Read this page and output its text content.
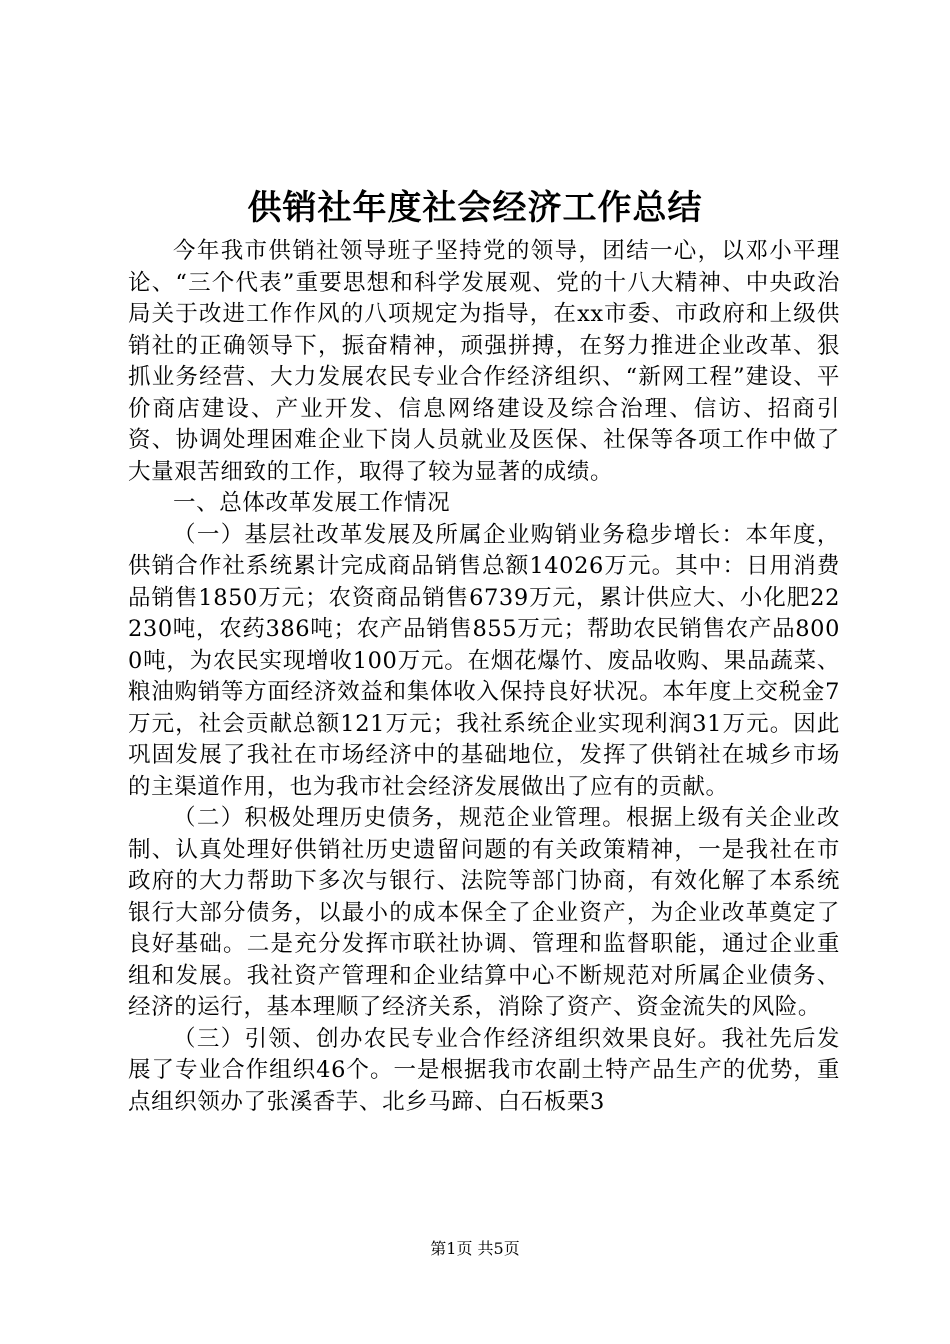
供销社年度社会经济工作总结

今年我市供销社领导班子坚持党的领导，团结一心，以邓小平理论、“三个代表”重要思想和科学发展观、党的十八大精神、中央政治局关于改进工作作风的八项规定为指导，在xx市委、市政府和上级供销社的正确领导下，振奋精神，顽强拼搏，在努力推进企业改革、狠抓业务经营、大力发展农民专业合作经济组织、“新网工程”建设、平价商店建设、产业开发、信息网络建设及综合治理、信访、招商引资、协调处理困难企业下岗人员就业及医保、社保等各项工作中做了大量艰苦细致的工作，取得了较为显著的成绩。

一、总体改革发展工作情况

（一）基层社改革发展及所属企业购销业务稳步增长：本年度，供销合作社系统累计完成商品销售总额14026万元。其中：日用消费品销售1850万元；农资商品销售6739万元，累计供应大、小化肥22230吨，农药386吨；农产品销售855万元；帮助农民销售农产品8000吨，为农民实现增收100万元。在烟花爆竹、废品收购、果品蔬菜、粮油购销等方面经济效益和集体收入保持良好状况。本年度上交税金7万元，社会贡献总额121万元；我社系统企业实现利润31万元。因此巩固发展了我社在市场经济中的基础地位，发挥了供销社在城乡市场的主渠道作用，也为我市社会经济发展做出了应有的贡献。

（二）积极处理历史债务，规范企业管理。根据上级有关企业改制、认真处理好供销社历史遗留问题的有关政策精神，一是我社在市政府的大力帮助下多次与银行、法院等部门协商，有效化解了本系统银行大部分债务，以最小的成本保全了企业资产，为企业改革奠定了良好基础。二是充分发挥市联社协调、管理和监督职能，通过企业重组和发展。我社资产管理和企业结算中心不断规范对所属企业债务、经济的运行，基本理顺了经济关系，消除了资产、资金流失的风险。

（三）引领、创办农民专业合作经济组织效果良好。我社先后发展了专业合作组织46个。一是根据我市农副土特产品生产的优势，重点组织领办了张溪香芋、北乡马蹄、白石板栗3

第1页 共5页
